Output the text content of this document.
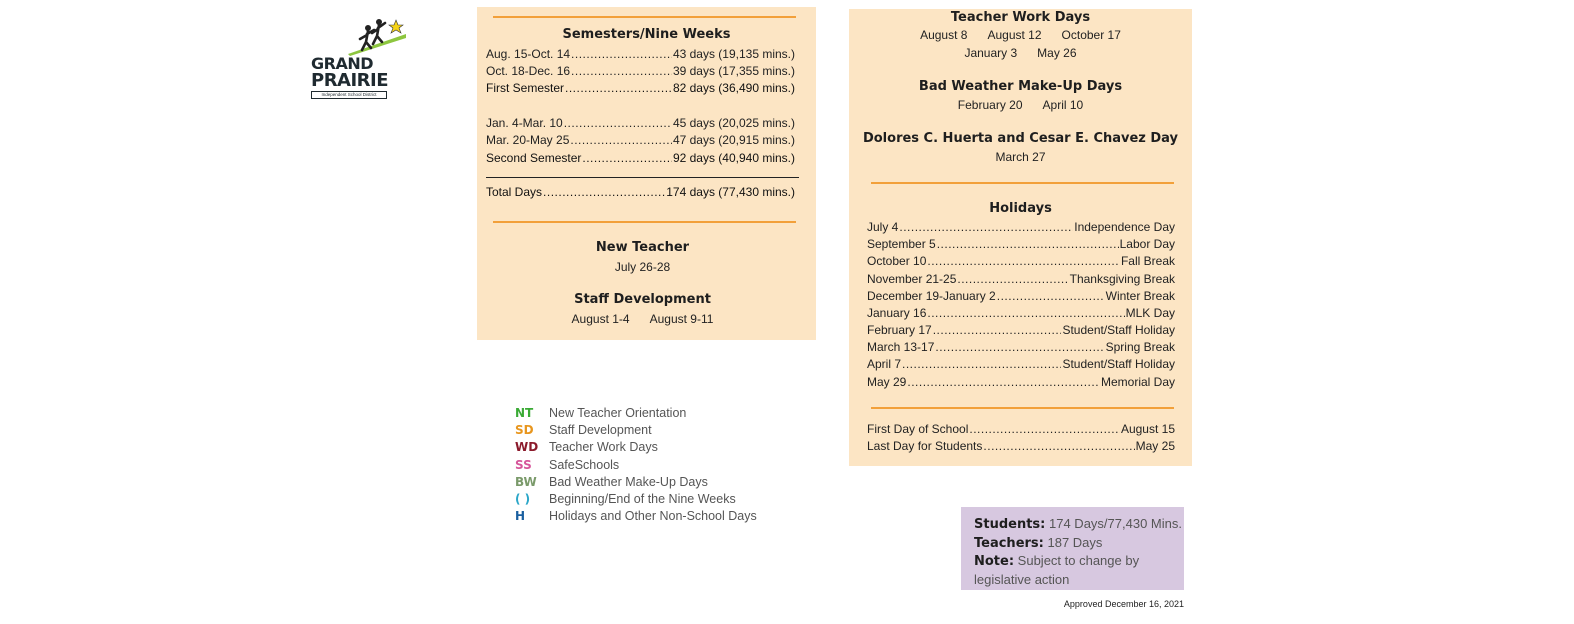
GRAND
PRAIRIE
Independent School District
Semesters/Nine Weeks
Aug. 15-Oct. 14 .....	43 days (19,135 mins.)
Oct. 18-Dec. 16 .....	39 days (17,355 mins.)
First Semester .....	82 days (36,490 mins.)
Jan. 4-Mar. 10 .....	45 days (20,025 mins.)
Mar. 20-May 25 .....	47 days (20,915 mins.)
Second Semester .....	92 days (40,940 mins.)
Total Days .....	174 days (77,430 mins.)
New Teacher
July 26-28
Staff Development
August 1-4 August 9-11
Teacher Work Days
August 8 August 12 October 17
January 3 May 26
Bad Weather Make-Up Days
February 20 April 10
Dolores C. Huerta and Cesar E. Chavez Day
March 27
Holidays
July 4 .....	Independence Day
September 5 .....	Labor Day
October 10 .....	Fall Break
November 21-25 .....	Thanksgiving Break
December 19-January 2 .....	Winter Break
January 16 .....	MLK Day
February 17 .....	Student/Staff Holiday
March 13-17 .....	Spring Break
April 7 .....	Student/Staff Holiday
May 29 .....	Memorial Day
First Day of School .....	August 15
Last Day for Students .....	May 25
NT	New Teacher Orientation
SD	Staff Development
WD Teacher Work Days
SS	SafeSchools
BW Bad Weather Make-Up Days
( )	Beginning/End of the Nine Weeks
H	Holidays and Other Non-School Days
Students: 174 Days/77,430 Mins.
Teachers: 187 Days
Note: Subject to change by legislative action
Approved December 16, 2021
